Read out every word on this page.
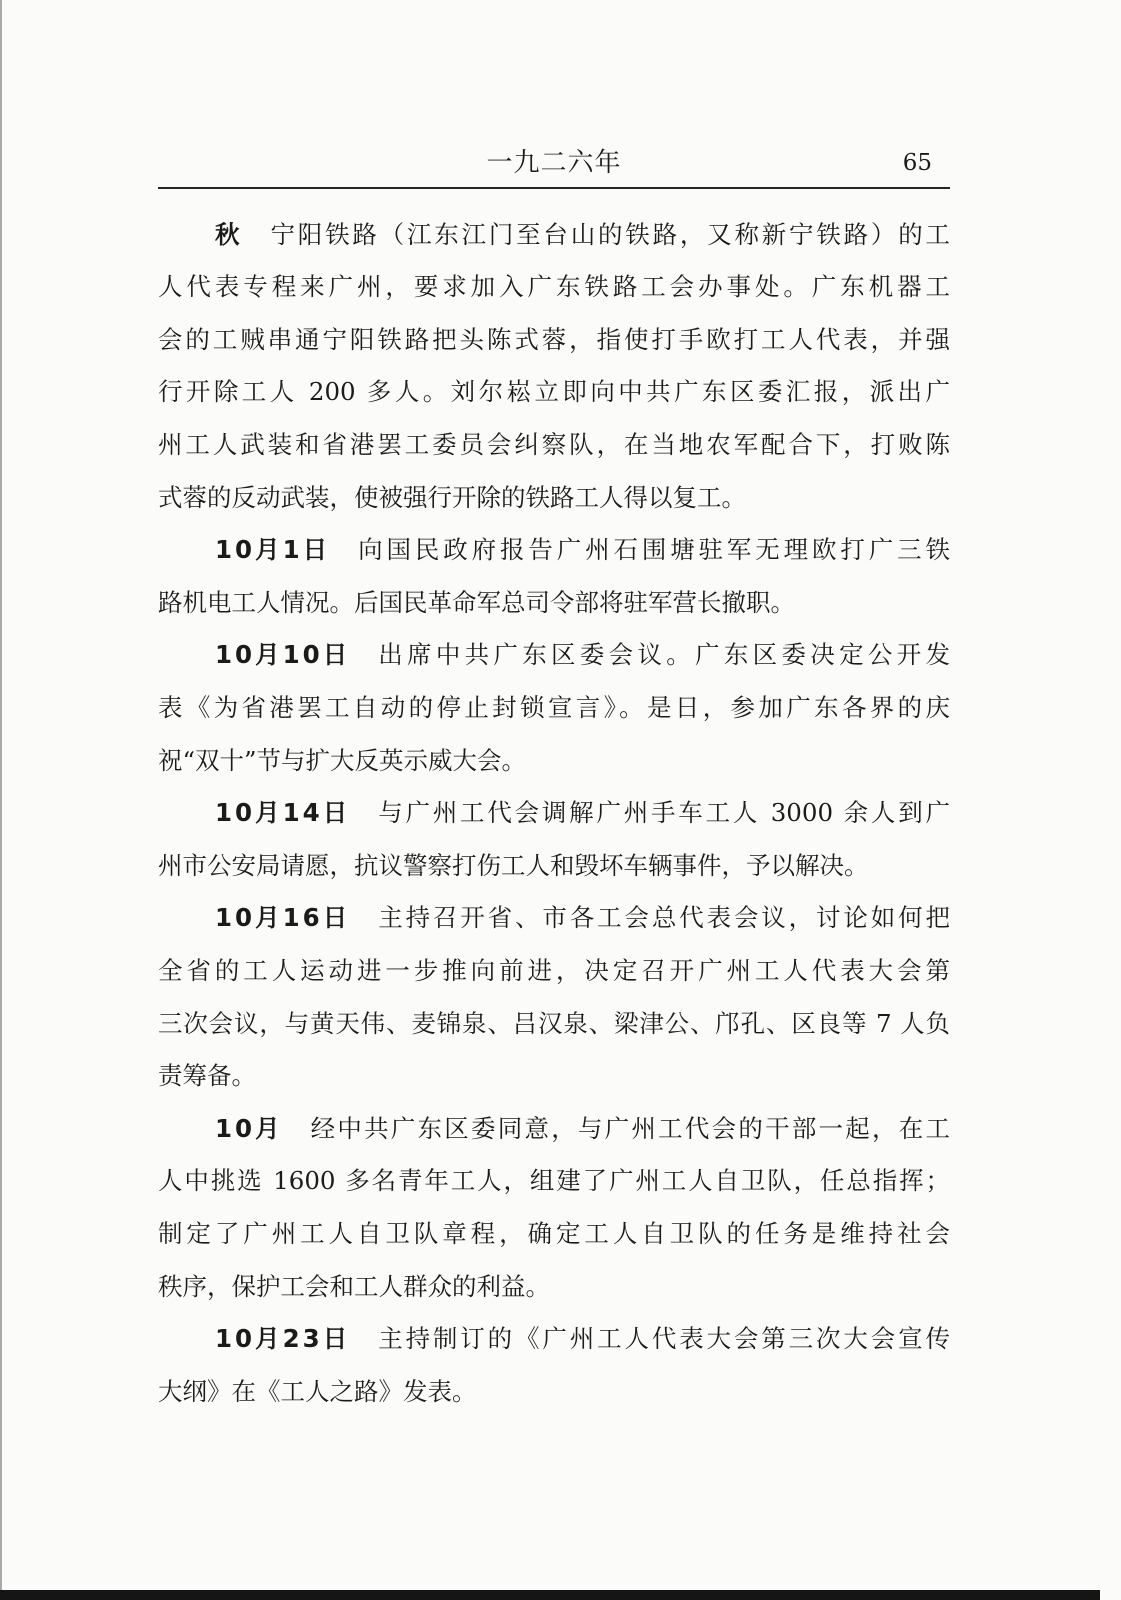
一九二六年	65
秋 宁阳铁路（江东江门至台山的铁路，又称新宁铁路）的工
人代表专程来广州，要求加入广东铁路工会办事处。广东机器工
会的工贼串通宁阳铁路把头陈式蓉，指使打手欧打工人代表，并强
行开除工人 200 多人。刘尔崧立即向中共广东区委汇报，派出广
州工人武装和省港罢工委员会纠察队，在当地农军配合下，打败陈
式蓉的反动武装，使被强行开除的铁路工人得以复工。
10月1日 向国民政府报告广州石围塘驻军无理欧打广三铁
路机电工人情况。后国民革命军总司令部将驻军营长撤职。
10月10日 出席中共广东区委会议。广东区委决定公开发
表《为省港罢工自动的停止封锁宣言》。是日，参加广东各界的庆
祝“双十”节与扩大反英示威大会。
10月14日 与广州工代会调解广州手车工人 3000 余人到广
州市公安局请愿，抗议警察打伤工人和毁坏车辆事件，予以解决。
10月16日 主持召开省、市各工会总代表会议，讨论如何把
全省的工人运动进一步推向前进，决定召开广州工人代表大会第
三次会议，与黄天伟、麦锦泉、吕汉泉、梁津公、邝孔、区良等 7 人负
责筹备。
10月 经中共广东区委同意，与广州工代会的干部一起，在工
人中挑选 1600 多名青年工人，组建了广州工人自卫队，任总指挥；
制定了广州工人自卫队章程，确定工人自卫队的任务是维持社会
秩序，保护工会和工人群众的利益。
10月23日 主持制订的《广州工人代表大会第三次大会宣传
大纲》在《工人之路》发表。
